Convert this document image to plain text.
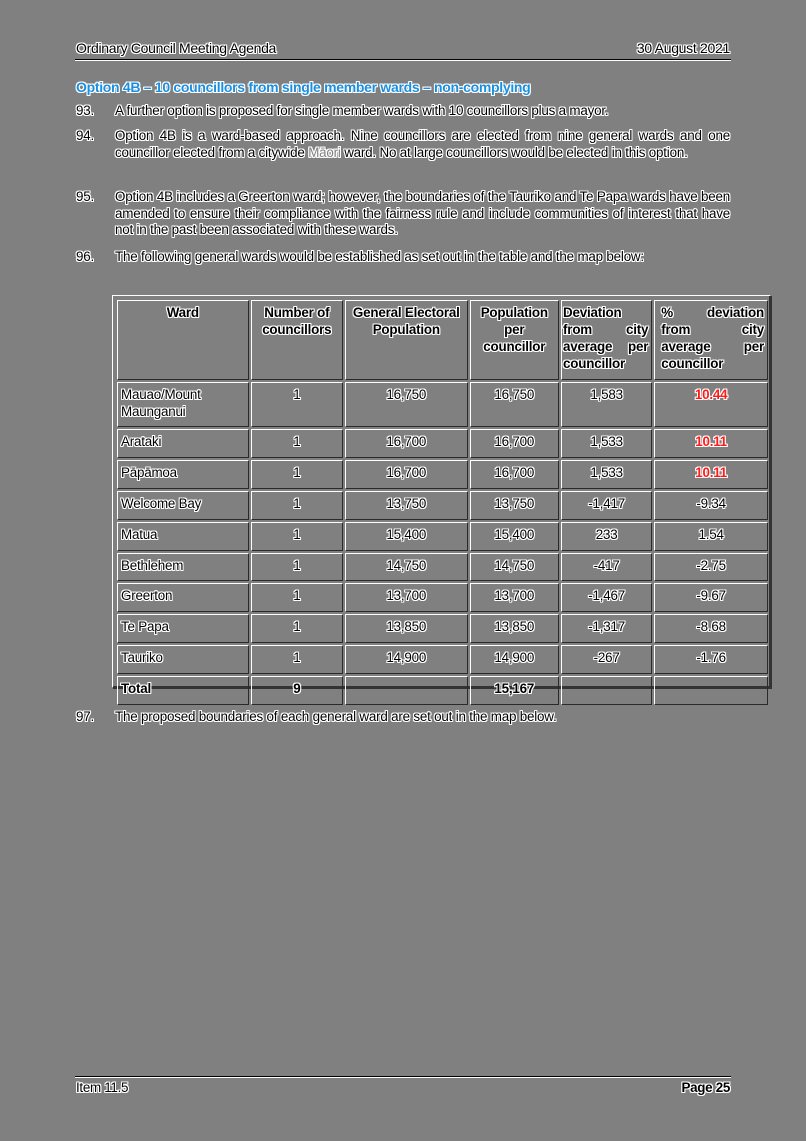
Ordinary Council Meeting Agenda	30 August 2021
Option 4B – 10 councillors from single member wards – non-complying
93. A further option is proposed for single member wards with 10 councillors plus a mayor.
94. Option 4B is a ward-based approach. Nine councillors are elected from nine general wards and one councillor elected from a citywide Māori ward. No at large councillors would be elected in this option.
95. Option 4B includes a Greerton ward; however, the boundaries of the Tauriko and Te Papa wards have been amended to ensure their compliance with the fairness rule and include communities of interest that have not in the past been associated with these wards.
96. The following general wards would be established as set out in the table and the map below:
Ward	Number of councillors	General Electoral Population	Population per councillor	Deviation from city average per councillor	% deviation from city average per councillor
Mauao/Mount Maunganui	1	16,750	16,750	1,583	10.44
Arataki	1	16,700	16,700	1,533	10.11
Pāpāmoa	1	16,700	16,700	1,533	10.11
Welcome Bay	1	13,750	13,750	-1,417	-9.34
Matua	1	15,400	15,400	233	1.54
Bethlehem	1	14,750	14,750	-417	-2.75
Greerton	1	13,700	13,700	-1,467	-9.67
Te Papa	1	13,850	13,850	-1,317	-8.68
Tauriko	1	14,900	14,900	-267	-1.76
Total	9		15,167		
97. The proposed boundaries of each general ward are set out in the map below.
Item 11.5	Page 25
